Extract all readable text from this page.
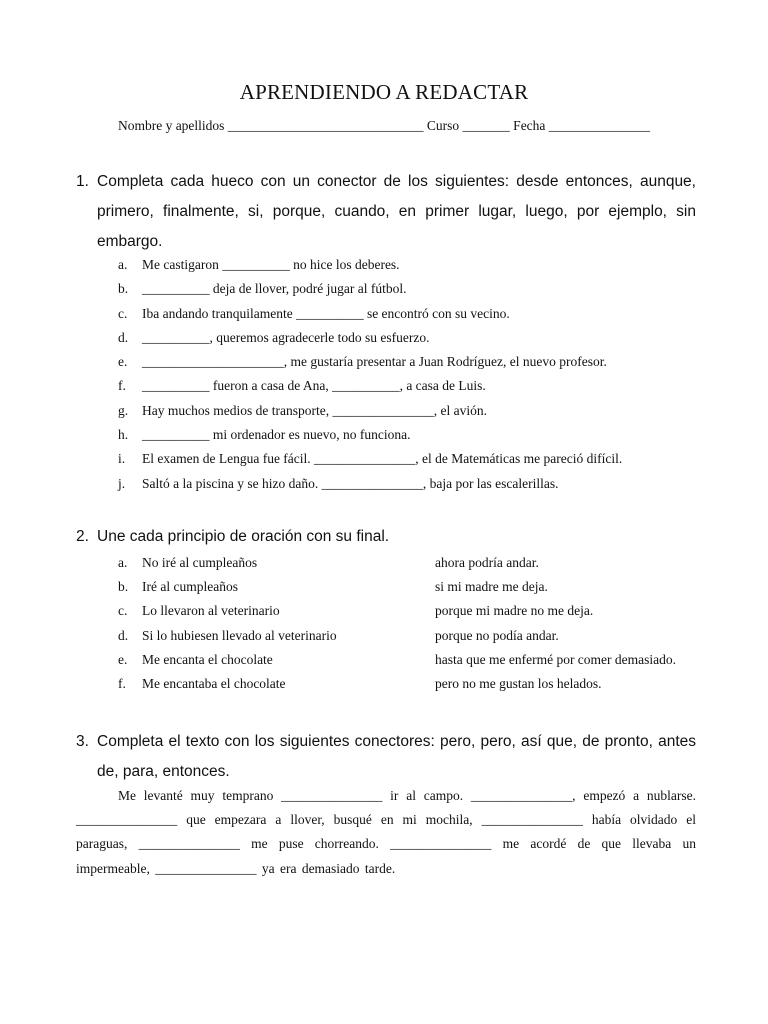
APRENDIENDO A REDACTAR
Nombre y apellidos _____________________________ Curso _______ Fecha _______________
1. Completa cada hueco con un conector de los siguientes: desde entonces, aunque, primero, finalmente, si, porque, cuando, en primer lugar, luego, por ejemplo, sin embargo.
a.	Me castigaron __________ no hice los deberes.
b.	__________ deja de llover, podré jugar al fútbol.
c.	Iba andando tranquilamente __________ se encontró con su vecino.
d.	__________, queremos agradecerle todo su esfuerzo.
e.	_____________________, me gustaría presentar a Juan Rodríguez, el nuevo profesor.
f.	__________ fueron a casa de Ana, __________, a casa de Luis.
g.	Hay muchos medios de transporte, _______________, el avión.
h.	__________ mi ordenador es nuevo, no funciona.
i.	El examen de Lengua fue fácil. _______________, el de Matemáticas me pareció difícil.
j.	Saltó a la piscina y se hizo daño. _______________, baja por las escalerillas.
2. Une cada principio de oración con su final.
a.	No iré al cumpleaños	ahora podría andar.
b.	Iré al cumpleaños	si mi madre me deja.
c.	Lo llevaron al veterinario	porque mi madre no me deja.
d.	Si lo hubiesen llevado al veterinario	porque no podía andar.
e.	Me encanta el chocolate	hasta que me enfermé por comer demasiado.
f.	Me encantaba el chocolate	pero no me gustan los helados.
3. Completa el texto con los siguientes conectores: pero, pero, así que, de pronto, antes de, para, entonces.
Me levanté muy temprano _______________ ir al campo. _______________, empezó a nublarse. _______________ que empezara a llover, busqué en mi mochila, _______________ había olvidado el paraguas, _______________ me puse chorreando. _______________ me acordé de que llevaba un impermeable, _______________ ya era demasiado tarde.
